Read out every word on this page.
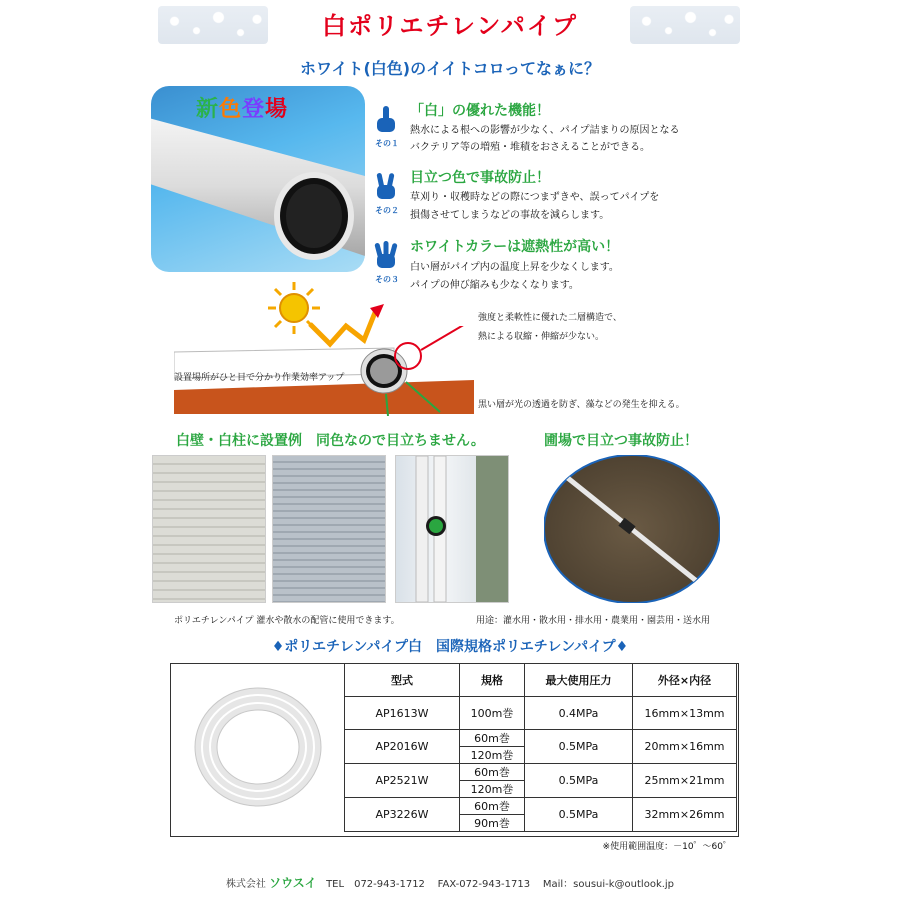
白ポリエチレンパイプ
ホワイト(白色)のイイトコロってなぁに？
新色登場
その１
「白」の優れた機能！
熱水による根への影響が少なく、パイプ詰まりの原因となる
バクテリア等の増殖・堆積をおさえることができる。
その２
目立つ色で事故防止！
草刈り・収穫時などの際につまずきや、誤ってパイプを
損傷させてしまうなどの事故を減らします。
その３
ホワイトカラーは遮熱性が高い！
白い層がパイプ内の温度上昇を少なくします。
パイプの伸び縮みも少なくなります。
強度と柔軟性に優れた二層構造で、
熱による収縮・伸縮が少ない。
設置場所がひと目で分かり作業効率アップ
黒い層が光の透過を防ぎ、藻などの発生を抑える。
白壁・白柱に設置例　同色なので目立ちません。	圃場で目立つ事故防止！
ポリエチレンパイプ 灌水や散水の配管に使用できます。	用途：灌水用・散水用・排水用・農業用・園芸用・送水用
♦ポリエチレンパイプ白　国際規格ポリエチレンパイプ♦
型式	規格	最大使用圧力	外径×内径
AP1613W	100m巻	0.4MPa	16mm×13mm
AP2016W	60m巻	0.5MPa	20mm×16mm
	120m巻		
AP2521W	60m巻	0.5MPa	25mm×21mm
	120m巻		
AP3226W	60m巻	0.5MPa	32mm×26mm
	90m巻		
※使用範囲温度：－10゜～60゜
株式会社 ソウスイ TEL　072-943-1712 FAX-072-943-1713 Mail：sousui-k@outlook.jp
